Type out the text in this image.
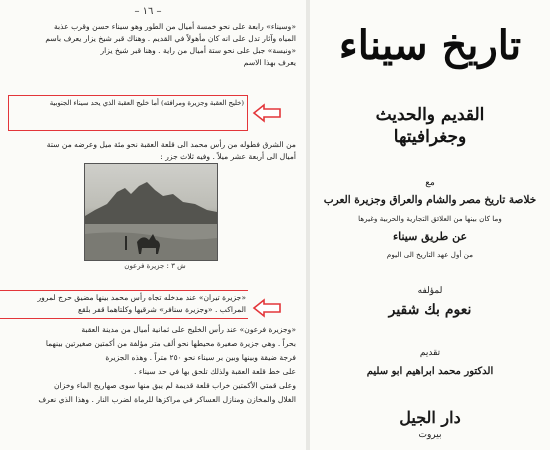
– ١٦ –
«وسيناء» رابعة على نحو خمسة أميال من الطور وهو سيناء حسن وقرب عذبة
المياه وآثار تدل على انه كان مأهولاً في القديم . وهناك قبر شيخ يزار يعرف باسم
«ونيسة» جبل على نحو ستة أميال من راية . وهنا قبر شيخ يزار
يعرف بهذا الاسم
(خليج العقبة وجزيرة ومرافئه) أما خليج العقبة الذي يحد سيناء الجنوبية
من الشرق فطوله من رأس محمد الى قلعة العقبة نحو مئة ميل وعرضه من ستة
أميال الى أربعة عشر ميلاً . وفيه ثلاث جزر :
ش ٣ : جزيرة فرعون
«جزيرة تيران» عند مدخله تجاه رأس محمد بينها مضيق حرج لمرور
المراكب . «وجزيرة سنافر» شرقيها وكلتاهما قفر بلقع
«وجزيرة فرعون» عند رأس الخليج على ثمانية أميال من مدينة العقبة
بحراً . وهي جزيرة صغيرة محيطها نحو ألف متر مؤلفة من أكمتين صغيرتين بينهما
فرجة ضيقة وبينها وبين بر سيناء نحو ٢٥٠ متراً . وهذه الجزيرة
على خط قلعة العقبة ولذلك تلحق بها في حد سيناء .
وعلى قمتي الأكمتين خراب قلعة قديمة لم يبق منها سوى صهاريج الماء وخزان
الغلال والمخازن ومنازل العساكر في مراكزها للرماة لضرب النار . وهذا الذي نعرف
تاريخ سيناء
القديم والحديث
وجغرافيتها
مع
خلاصة تاريخ مصر والشام والعراق وجزيرة العرب
وما كان بينها من العلائق التجارية والحربية وغيرها
عن طريق سيناء
من أول عهد التاريخ الى اليوم
لمؤلفه
نعوم بك شقير
تقديم
الدكتور محمد ابراهيم ابو سليم
دار الجيل
بيروت
